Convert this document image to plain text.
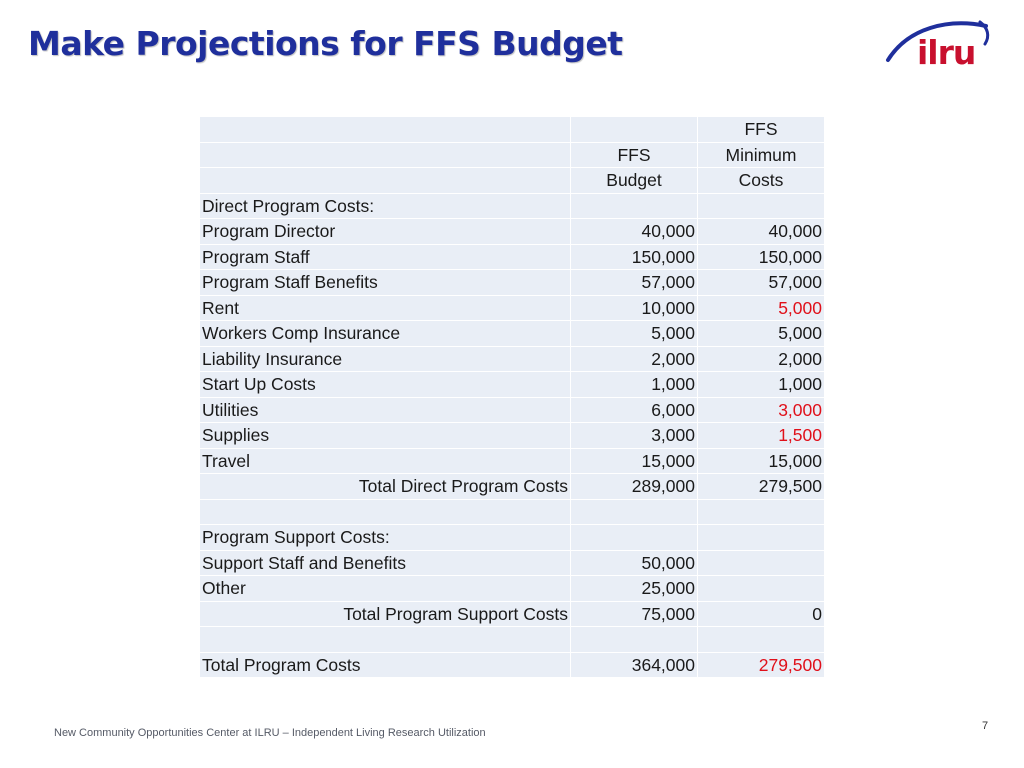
Make Projections for FFS Budget	ilru
		FFS
	FFS	Minimum
	Budget	Costs
Direct Program Costs:		
Program Director	40,000	40,000
Program Staff	150,000	150,000
Program Staff Benefits	57,000	57,000
Rent	10,000	5,000
Workers Comp Insurance	5,000	5,000
Liability Insurance	2,000	2,000
Start Up Costs	1,000	1,000
Utilities	6,000	3,000
Supplies	3,000	1,500
Travel	15,000	15,000
Total Direct Program Costs	289,000	279,500

Program Support Costs:		
Support Staff and Benefits	50,000	
Other	25,000	
Total Program Support Costs	75,000	0

Total Program Costs	364,000	279,500
New Community Opportunities Center at ILRU – Independent Living Research Utilization
7
